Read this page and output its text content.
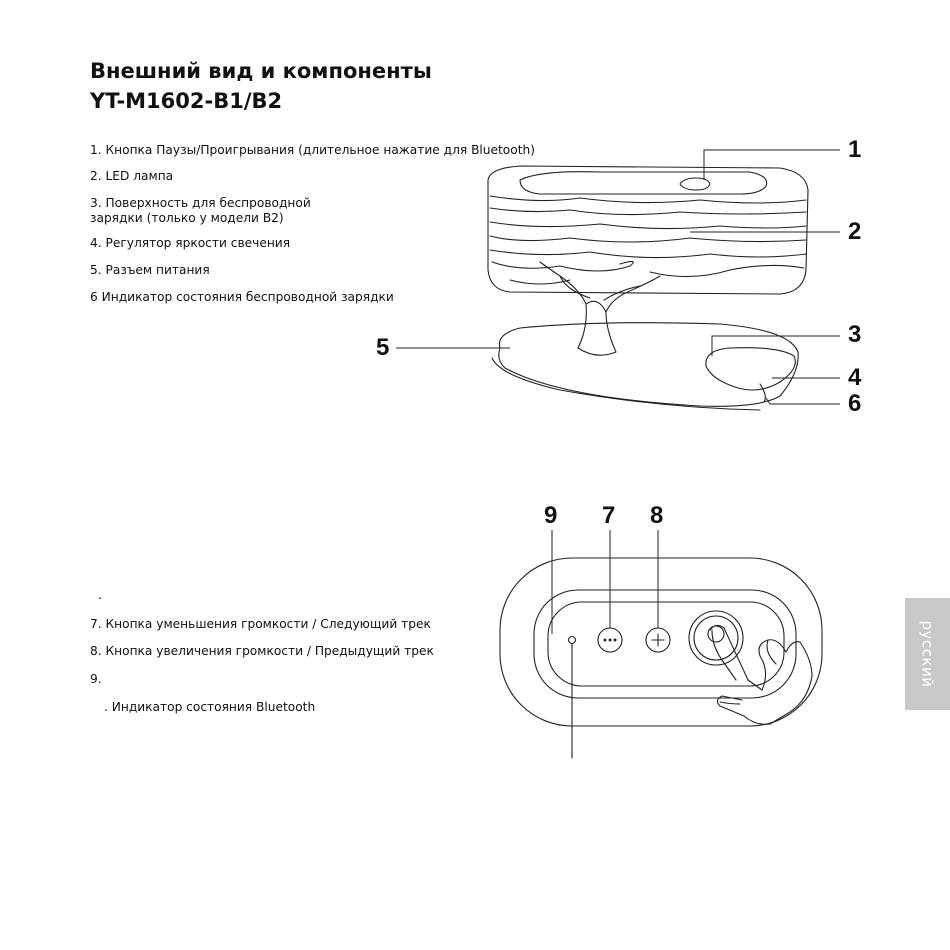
Внешний вид и компоненты
YT-M1602-B1/B2
1. Кнопка Паузы/Проигрывания (длительное нажатие для Bluetooth)
2. LED лампа
3. Поверхность для беспроводной
зарядки (только у модели B2)
4. Регулятор яркости свечения
5. Разъем питания
6 Индикатор состояния беспроводной зарядки
.
7. Кнопка уменьшения громкости / Следующий трек
8. Кнопка увеличения громкости / Предыдущий трек
9.
. Индикатор состояния Bluetooth
1
2
3
4
6
5
9 7 8
русский
